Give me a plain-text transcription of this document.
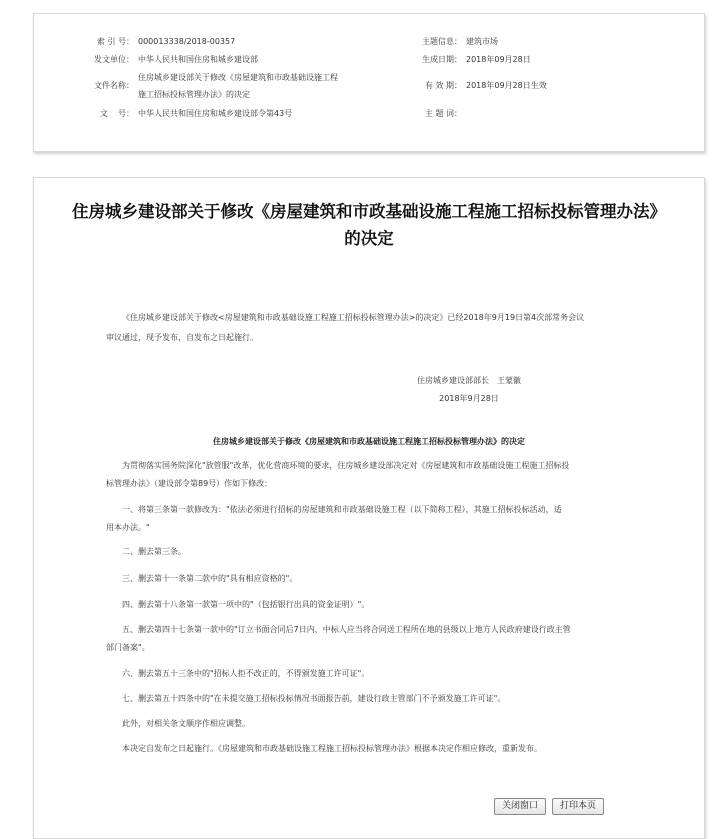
索 引 号： 000013338/2018-00357	主题信息： 建筑市场
发文单位： 中华人民共和国住房和城乡建设部	生成日期： 2018年09月28日
文件名称：
住房城乡建设部关于修改《房屋建筑和市政基础设施工程
施工招标投标管理办法》的决定
有 效 期： 2018年09月28日生效
文    号： 中华人民共和国住房和城乡建设部令第43号	主 题 词：
住房城乡建设部关于修改《房屋建筑和市政基础设施工程施工招标投标管理办法》
的决定
《住房城乡建设部关于修改<房屋建筑和市政基础设施工程施工招标投标管理办法>的决定》已经2018年9月19日第4次部常务会议
审议通过，现予发布，自发布之日起施行。
住房城乡建设部部长　王蒙徽
2018年9月28日
住房城乡建设部关于修改《房屋建筑和市政基础设施工程施工招标投标管理办法》的决定
为贯彻落实国务院深化"放管服"改革，优化营商环境的要求，住房城乡建设部决定对《房屋建筑和市政基础设施工程施工招标投
标管理办法》（建设部令第89号）作如下修改：
一、将第三条第一款修改为："依法必须进行招标的房屋建筑和市政基础设施工程（以下简称工程），其施工招标投标活动，适
用本办法。"
二、删去第三条。
三、删去第十一条第二款中的"具有相应资格的"。
四、删去第十八条第一款第一项中的"（包括银行出具的资金证明）"。
五、删去第四十七条第一款中的"订立书面合同后7日内，中标人应当将合同送工程所在地的县级以上地方人民政府建设行政主管
部门备案"。
六、删去第五十三条中的"招标人拒不改正的，不得颁发施工许可证"。
七、删去第五十四条中的"在未提交施工招标投标情况书面报告前，建设行政主管部门不予颁发施工许可证"。
此外，对相关条文顺序作相应调整。
本决定自发布之日起施行。《房屋建筑和市政基础设施工程施工招标投标管理办法》根据本决定作相应修改，重新发布。
关闭窗口	打印本页
